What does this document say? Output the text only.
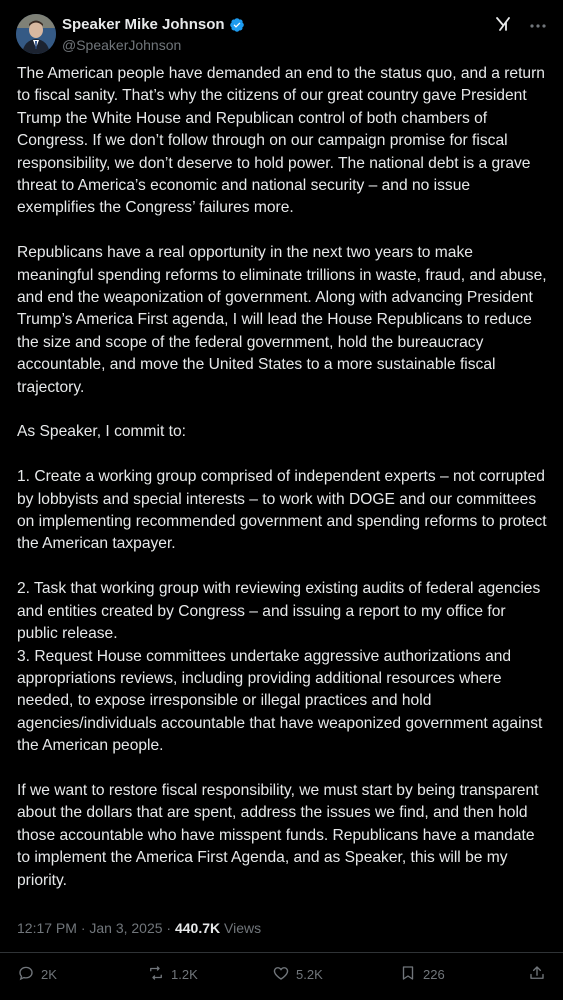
Speaker Mike Johnson
@SpeakerJohnson

The American people have demanded an end to the status quo, and a return to fiscal sanity. That’s why the citizens of our great country gave President Trump the White House and Republican control of both chambers of Congress. If we don’t follow through on our campaign promise for fiscal responsibility, we don’t deserve to hold power. The national debt is a grave threat to America’s economic and national security – and no issue exemplifies the Congress’ failures more.

Republicans have a real opportunity in the next two years to make meaningful spending reforms to eliminate trillions in waste, fraud, and abuse, and end the weaponization of government. Along with advancing President Trump’s America First agenda, I will lead the House Republicans to reduce the size and scope of the federal government, hold the bureaucracy accountable, and move the United States to a more sustainable fiscal trajectory.

As Speaker, I commit to:

1. Create a working group comprised of independent experts – not corrupted by lobbyists and special interests – to work with DOGE and our committees on implementing recommended government and spending reforms to protect the American taxpayer.

2. Task that working group with reviewing existing audits of federal agencies and entities created by Congress – and issuing a report to my office for public release.

3. Request House committees undertake aggressive authorizations and appropriations reviews, including providing additional resources where needed, to expose irresponsible or illegal practices and hold agencies/individuals accountable that have weaponized government against the American people.

If we want to restore fiscal responsibility, we must start by being transparent about the dollars that are spent, address the issues we find, and then hold those accountable who have misspent funds. Republicans have a mandate to implement the America First Agenda, and as Speaker, this will be my priority.

12:17 PM · Jan 3, 2025 · 440.7K Views
2K	1.2K	5.2K	226
